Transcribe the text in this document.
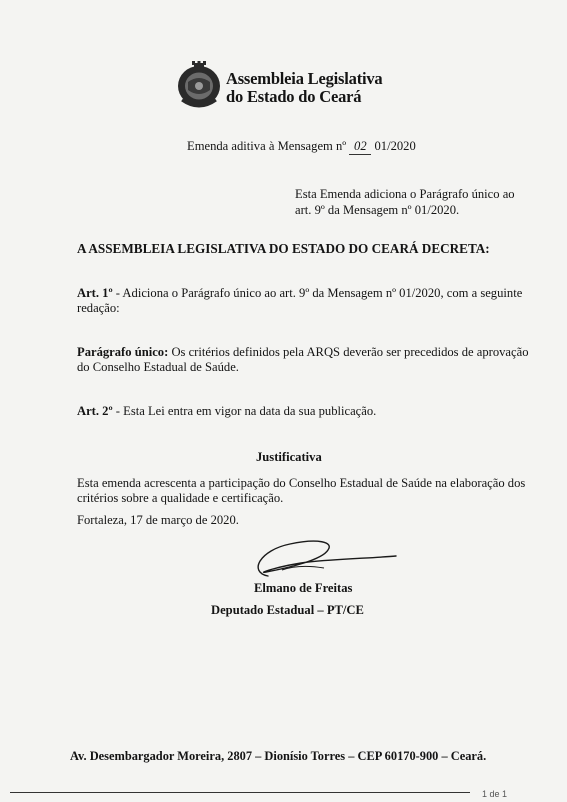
Assembleia Legislativa
do Estado do Ceará
Emenda aditiva à Mensagem nº 02 01/2020
Esta Emenda adiciona o Parágrafo único ao
art. 9º da Mensagem nº 01/2020.
A ASSEMBLEIA LEGISLATIVA DO ESTADO DO CEARÁ DECRETA:
Art. 1º - Adiciona o Parágrafo único ao art. 9º da Mensagem nº 01/2020, com a seguinte
redação:
Parágrafo único: Os critérios definidos pela ARQS deverão ser precedidos de aprovação
do Conselho Estadual de Saúde.
Art. 2º - Esta Lei entra em vigor na data da sua publicação.
Justificativa
Esta emenda acrescenta a participação do Conselho Estadual de Saúde na elaboração dos
critérios sobre a qualidade e certificação.
Fortaleza, 17 de março de 2020.
Elmano de Freitas
Deputado Estadual – PT/CE
Av. Desembargador Moreira, 2807 – Dionísio Torres – CEP 60170-900 – Ceará.
1 de 1
